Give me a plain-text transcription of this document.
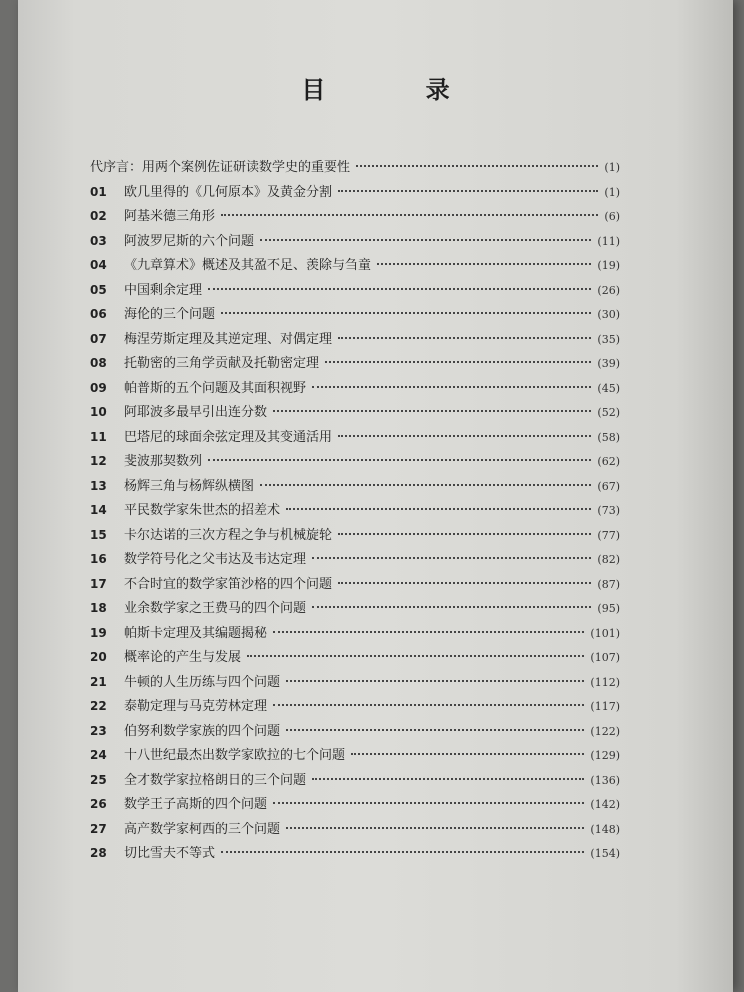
目 录
代序言：用两个案例佐证研读数学史的重要性	(1)
01	欧几里得的《几何原本》及黄金分割	(1)
02	阿基米德三角形	(6)
03	阿波罗尼斯的六个问题	(11)
04	《九章算术》概述及其盈不足、羡除与刍童	(19)
05	中国剩余定理	(26)
06	海伦的三个问题	(30)
07	梅涅劳斯定理及其逆定理、对偶定理	(35)
08	托勒密的三角学贡献及托勒密定理	(39)
09	帕普斯的五个问题及其面积视野	(45)
10	阿耶波多最早引出连分数	(52)
11	巴塔尼的球面余弦定理及其变通活用	(58)
12	斐波那契数列	(62)
13	杨辉三角与杨辉纵横图	(67)
14	平民数学家朱世杰的招差术	(73)
15	卡尔达诺的三次方程之争与机械旋轮	(77)
16	数学符号化之父韦达及韦达定理	(82)
17	不合时宜的数学家笛沙格的四个问题	(87)
18	业余数学家之王费马的四个问题	(95)
19	帕斯卡定理及其编题揭秘	(101)
20	概率论的产生与发展	(107)
21	牛顿的人生历练与四个问题	(112)
22	泰勒定理与马克劳林定理	(117)
23	伯努利数学家族的四个问题	(122)
24	十八世纪最杰出数学家欧拉的七个问题	(129)
25	全才数学家拉格朗日的三个问题	(136)
26	数学王子高斯的四个问题	(142)
27	高产数学家柯西的三个问题	(148)
28	切比雪夫不等式	(154)
